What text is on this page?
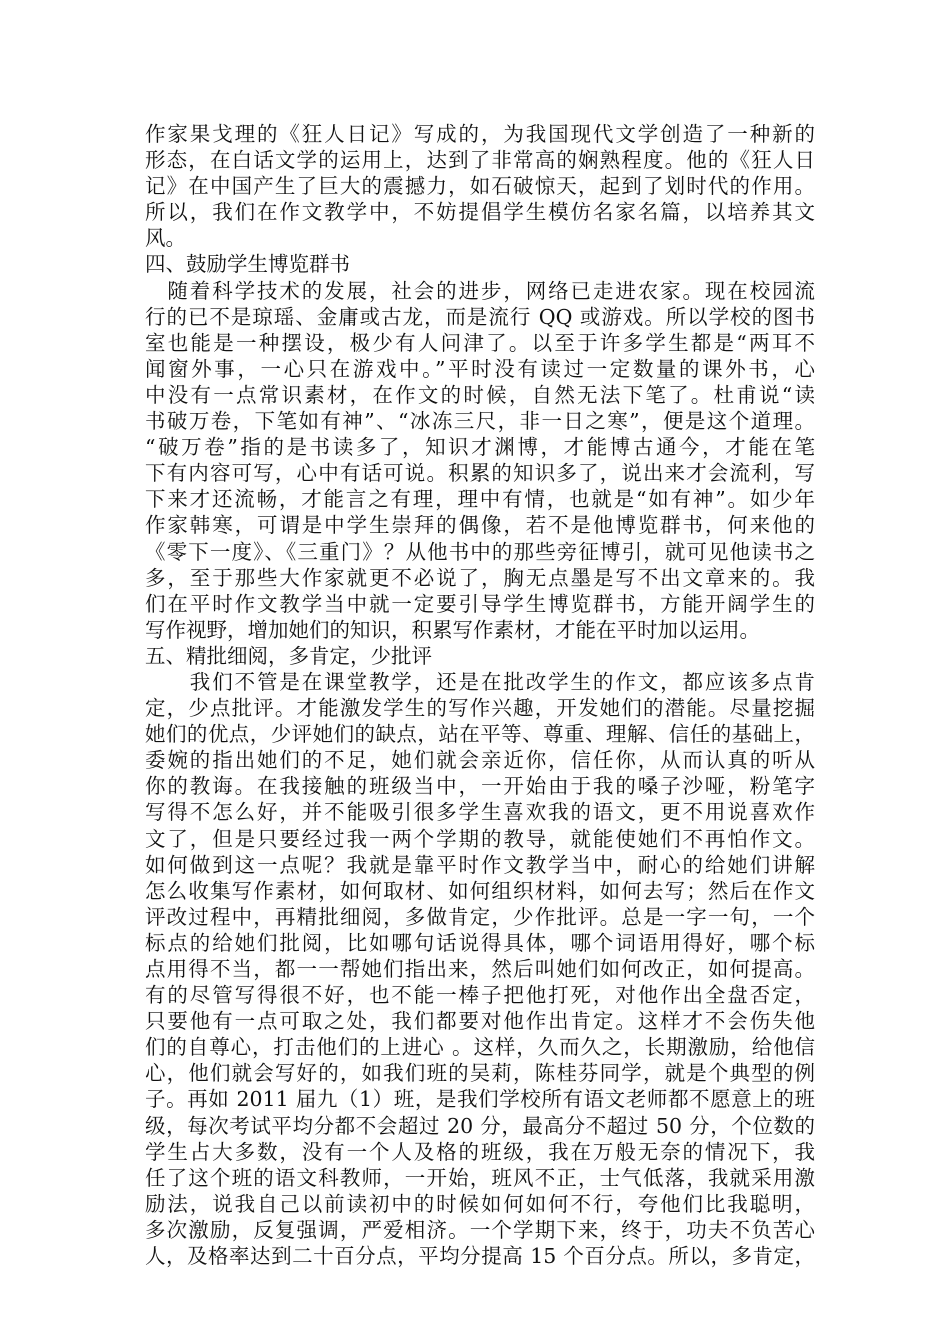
作家果戈理的《狂人日记》写成的，为我国现代文学创造了一种新的
形态，在白话文学的运用上，达到了非常高的娴熟程度。他的《狂人日
记》在中国产生了巨大的震撼力，如石破惊天，起到了划时代的作用。
所以，我们在作文教学中，不妨提倡学生模仿名家名篇，以培养其文
风。
四、鼓励学生博览群书
　随着科学技术的发展，社会的进步，网络已走进农家。现在校园流
行的已不是琼瑶、金庸或古龙，而是流行 QQ 或游戏。所以学校的图书
室也能是一种摆设，极少有人问津了。以至于许多学生都是“两耳不
闻窗外事，一心只在游戏中。”平时没有读过一定数量的课外书，心
中没有一点常识素材，在作文的时候，自然无法下笔了。杜甫说“读
书破万卷，下笔如有神”、“冰冻三尺，非一日之寒”，便是这个道理。
“破万卷”指的是书读多了，知识才渊博，才能博古通今，才能在笔
下有内容可写，心中有话可说。积累的知识多了，说出来才会流利，写
下来才还流畅，才能言之有理，理中有情，也就是“如有神”。如少年
作家韩寒，可谓是中学生崇拜的偶像，若不是他博览群书，何来他的
《零下一度》、《三重门》？从他书中的那些旁征博引，就可见他读书之
多，至于那些大作家就更不必说了，胸无点墨是写不出文章来的。我
们在平时作文教学当中就一定要引导学生博览群书，方能开阔学生的
写作视野，增加她们的知识，积累写作素材，才能在平时加以运用。
五、精批细阅，多肯定，少批评
　　我们不管是在课堂教学，还是在批改学生的作文，都应该多点肯
定，少点批评。才能激发学生的写作兴趣，开发她们的潜能。尽量挖掘
她们的优点，少评她们的缺点，站在平等、尊重、理解、信任的基础上，
委婉的指出她们的不足，她们就会亲近你，信任你，从而认真的听从
你的教诲。在我接触的班级当中，一开始由于我的嗓子沙哑，粉笔字
写得不怎么好，并不能吸引很多学生喜欢我的语文，更不用说喜欢作
文了，但是只要经过我一两个学期的教导，就能使她们不再怕作文。
如何做到这一点呢？我就是靠平时作文教学当中，耐心的给她们讲解
怎么收集写作素材，如何取材、如何组织材料，如何去写；然后在作文
评改过程中，再精批细阅，多做肯定，少作批评。总是一字一句，一个
标点的给她们批阅，比如哪句话说得具体，哪个词语用得好，哪个标
点用得不当，都一一帮她们指出来，然后叫她们如何改正，如何提高。
有的尽管写得很不好，也不能一棒子把他打死，对他作出全盘否定，
只要他有一点可取之处，我们都要对他作出肯定。这样才不会伤失他
们的自尊心，打击他们的上进心 。这样，久而久之，长期激励，给他信
心，他们就会写好的，如我们班的吴莉，陈桂芬同学，就是个典型的例
子。再如 2011 届九（1）班，是我们学校所有语文老师都不愿意上的班
级，每次考试平均分都不会超过 20 分，最高分不超过 50 分，个位数的
学生占大多数，没有一个人及格的班级，我在万般无奈的情况下，我
任了这个班的语文科教师，一开始，班风不正，士气低落，我就采用激
励法，说我自己以前读初中的时候如何如何不行，夸他们比我聪明，
多次激励，反复强调，严爱相济。一个学期下来，终于，功夫不负苦心
人，及格率达到二十百分点，平均分提高 15 个百分点。所以，多肯定，
